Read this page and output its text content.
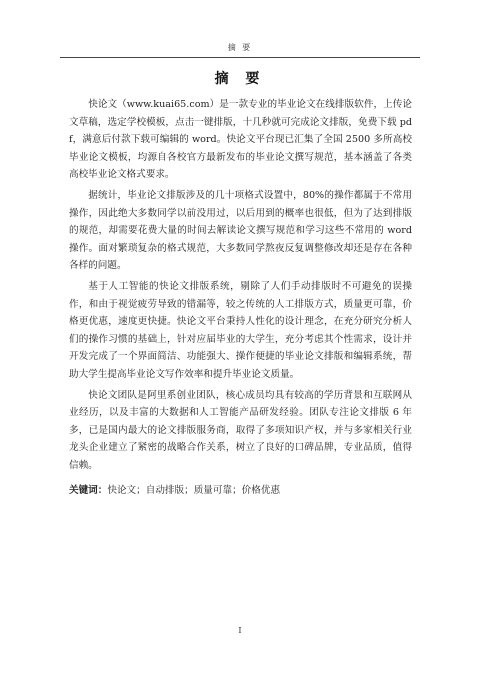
摘 要
摘 要

快论文（www.kuai65.com）是一款专业的毕业论文在线排版软件，上传论文草稿，选定学校模板，点击一键排版，十几秒就可完成论文排版，免费下载 pdf，满意后付款下载可编辑的 word。快论文平台现已汇集了全国 2500 多所高校毕业论文模板，均源自各校官方最新发布的毕业论文撰写规范，基本涵盖了各类高校毕业论文格式要求。

据统计，毕业论文排版涉及的几十项格式设置中，80%的操作都属于不常用操作，因此绝大多数同学以前没用过，以后用到的概率也很低，但为了达到排版的规范，却需要花费大量的时间去解读论文撰写规范和学习这些不常用的 word 操作。面对繁琐复杂的格式规范，大多数同学熬夜反复调整修改却还是存在各种各样的问题。

基于人工智能的快论文排版系统，剔除了人们手动排版时不可避免的误操作，和由于视觉疲劳导致的错漏等，较之传统的人工排版方式，质量更可靠，价格更优惠，速度更快捷。快论文平台秉持人性化的设计理念，在充分研究分析人们的操作习惯的基础上，针对应届毕业的大学生，充分考虑其个性需求，设计并开发完成了一个界面简洁、功能强大、操作便捷的毕业论文排版和编辑系统，帮助大学生提高毕业论文写作效率和提升毕业论文质量。

快论文团队是阿里系创业团队，核心成员均具有较高的学历背景和互联网从业经历，以及丰富的大数据和人工智能产品研发经验。团队专注论文排版 6 年多，已是国内最大的论文排版服务商，取得了多项知识产权，并与多家相关行业龙头企业建立了紧密的战略合作关系，树立了良好的口碑品牌，专业品质，值得信赖。

关键词：快论文；自动排版；质量可靠；价格优惠

I
